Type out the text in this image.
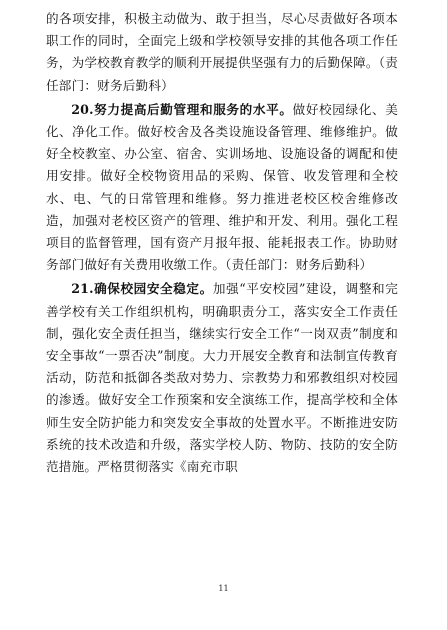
的各项安排，积极主动做为、敢于担当，尽心尽责做好各项本职工作的同时，全面完上级和学校领导安排的其他各项工作任务，为学校教育教学的顺利开展提供坚强有力的后勤保障。（责任部门：财务后勤科）

20.努力提高后勤管理和服务的水平。做好校园绿化、美化、净化工作。做好校舍及各类设施设备管理、维修维护。做好全校教室、办公室、宿舍、实训场地、设施设备的调配和使用安排。做好全校物资用品的采购、保管、收发管理和全校水、电、气的日常管理和维修。努力推进老校区校舍维修改造，加强对老校区资产的管理、维护和开发、利用。强化工程项目的监督管理，国有资产月报年报、能耗报表工作。协助财务部门做好有关费用收缴工作。（责任部门：财务后勤科）

21.确保校园安全稳定。加强“平安校园”建设，调整和完善学校有关工作组织机构，明确职责分工，落实安全工作责任制，强化安全责任担当，继续实行安全工作“一岗双责”制度和安全事故“一票否决”制度。大力开展安全教育和法制宣传教育活动，防范和抵御各类敌对势力、宗教势力和邪教组织对校园的渗透。做好安全工作预案和安全演练工作，提高学校和全体师生安全防护能力和突发安全事故的处置水平。不断推进安防系统的技术改造和升级，落实学校人防、物防、技防的安全防范措施。严格贯彻落实《南充市职

11
